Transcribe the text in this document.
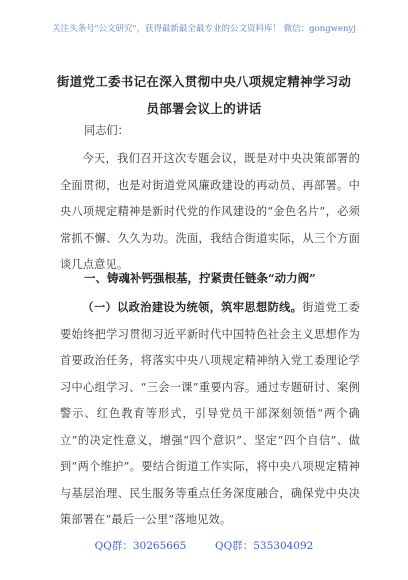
关注头条号"公文研究"，获得最新最全最专业的公文资料库！ 微信：gongwenyj
街道党工委书记在深入贯彻中央八项规定精神学习动员部署会议上的讲话
同志们：
今天，我们召开这次专题会议，既是对中央决策部署的全面贯彻，也是对街道党风廉政建设的再动员、再部署。中央八项规定精神是新时代党的作风建设的“金色名片”，必须常抓不懈、久久为功。洗面，我结合街道实际，从三个方面谈几点意见。
一、铸魂补钙强根基，拧紧责任链条“动力阀”
（一）以政治建设为统领，筑牢思想防线。街道党工委要始终把学习贯彻习近平新时代中国特色社会主义思想作为首要政治任务，将落实中央八项规定精神纳入党工委理论学习中心组学习、“三会一课”重要内容。通过专题研讨、案例警示、红色教育等形式，引导党员干部深刻领悟“两个确立”的决定性意义，增强“四个意识”、坚定“四个自信”、做到“两个维护”。要结合街道工作实际，将中央八项规定精神与基层治理、民生服务等重点任务深度融合，确保党中央决策部署在“最后一公里”落地见效。
QQ群：30265665	QQ群：535304092
